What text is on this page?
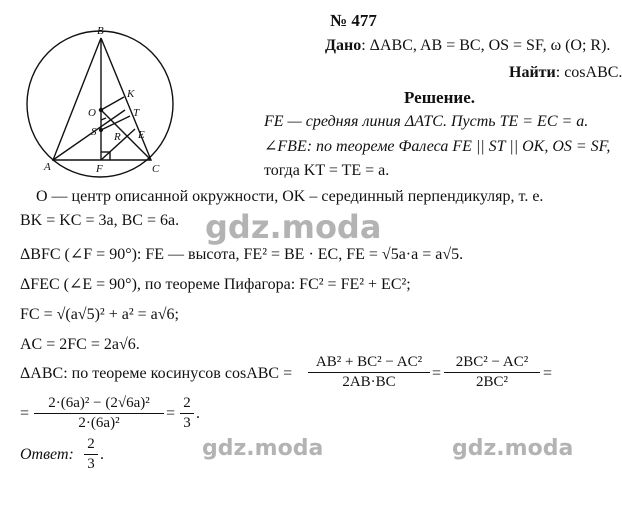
B
A	C
O
K
T
S R E
F
№ 477
Дано: ΔABC, AB = BC, OS = SF, ω (O; R).
Найти: cosABC.
Решение.
FE — средняя линия ΔATC. Пусть TE = EC = a.
∠FBE: по теореме Фалеса FE || ST || OK, OS = SF,
тогда KT = TE = a.
O — центр описанной окружности, OK – серединный перпендикуляр, т. е.
BK = KC = 3a, BC = 6a.
ΔBFC (∠F = 90°): FE — высота, FE² = BE · EC, FE = √5a·a = a√5.
ΔFEC (∠E = 90°), по теореме Пифагора: FC² = FE² + EC²;
FC = √(a√5)² + a² = a√6;
AC = 2FC = 2a√6.
ΔABC: по теореме косинусов cosABC = $\frac{\text{AB² + BC² − AC²}}{2AB\cdot BC} = \frac{\text{2BC² − AC²}}{\text{2BC²}}$ =
= $\frac{\text{2·(6a)² − (2√6a)²}}{\text{2·(6a)²}} = \frac{2}{3}$ .
Ответ: $\frac{2}{3}$ .
gdz.moda
gdz.moda	gdz.moda
